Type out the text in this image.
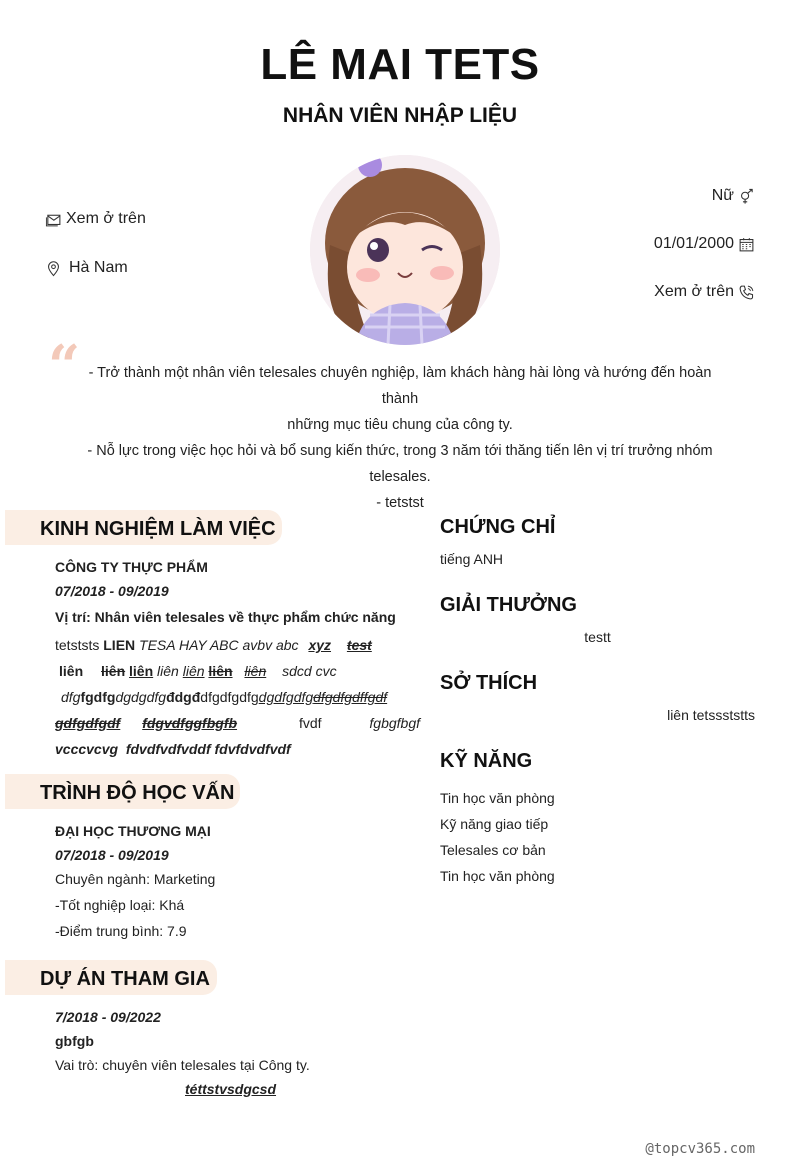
LÊ MAI TETS
NHÂN VIÊN NHẬP LIỆU
Xem ở trên
Hà Nam
Nữ
01/01/2000
Xem ở trên
“ - Trở thành một nhân viên telesales chuyên nghiệp, làm khách hàng hài lòng và hướng đến hoàn thành
những mục tiêu chung của công ty.
- Nỗ lực trong việc học hỏi và bổ sung kiến thức, trong 3 năm tới thăng tiến lên vị trí trưởng nhóm
telesales.
- tetstst
KINH NGHIỆM LÀM VIỆC
CÔNG TY THỰC PHẨM
07/2018 - 09/2019
Vị trí: Nhân viên telesales về thực phẩm chức năng
tetststs LIEN TESA HAY ABC avbv abc xyz test
liên liên liên liên liên liên liên sdcd cvc
dfgfgdfgdgdgdfgđdgđdfgdfgdfgdgdfgdfgdfgdfgdffgdf
gdfgdfgdf fdgvdfggfbgfb	fvdf	fgbgfbgf
vcccvcvg  fdvdfvdfvddf fdvfdvdfvdf
TRÌNH ĐỘ HỌC VẤN
ĐẠI HỌC THƯƠNG MẠI
07/2018 - 09/2019
Chuyên ngành: Marketing
-Tốt nghiệp loại: Khá
-Điểm trung bình: 7.9
DỰ ÁN THAM GIA
7/2018 - 09/2022
gbfgb
Vai trò: chuyên viên telesales tại Công ty.
téttstvsdgcsd
CHỨNG CHỈ
tiếng ANH
GIẢI THƯỞNG
testt
SỞ THÍCH
liên tetssststts
KỸ NĂNG
Tin học văn phòng
Kỹ năng giao tiếp
Telesales cơ bản
Tin học văn phòng
@topcv365.com
